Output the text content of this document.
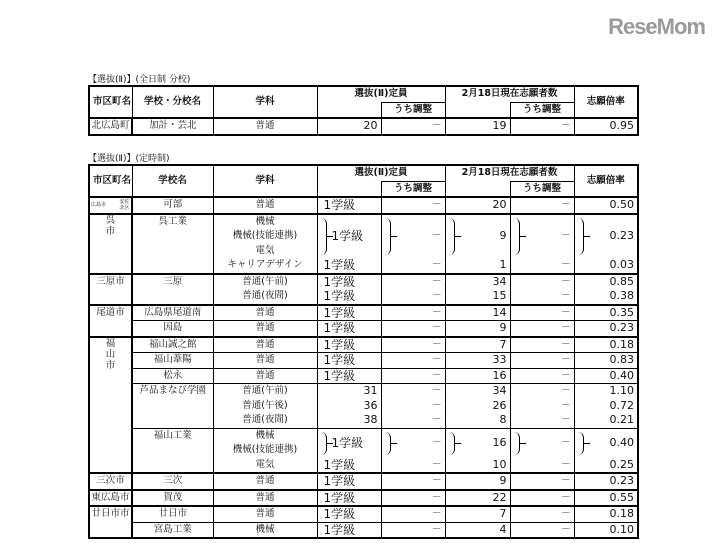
【選抜(Ⅱ)】(全日制 分校)
市区町名	学校・分校名	学科	選抜(Ⅱ)定員		2月18日現在志願者数		志願倍率
				うち調整		うち調整	
北広島町	加計・芸北	普通	20	－	19	－	0.95
【選抜(Ⅱ)】(定時制)
市区町名	学校名	学科	選抜(Ⅱ)定員		2月18日現在志願者数		志願倍率
				うち調整		うち調整	

広島市 安佐北区	可部	普通	1学級	－	20	－	0.50
呉市	呉工業	機械	1学級	－	9	－	0.23
		機械(技能連携)					
		電気					
		キャリアデザイン	1学級	－	1	－	0.03
三原市	三原	普通(午前)	1学級	－	34	－	0.85
		普通(夜間)	1学級	－	15	－	0.38
尾道市	広島県尾道南	普通	1学級	－	14	－	0.35
	因島	普通	1学級	－	9	－	0.23
福山市	福山誠之館	普通	1学級	－	7	－	0.18
	福山葦陽	普通	1学級	－	33	－	0.83
	松永	普通	1学級	－	16	－	0.40
	芦品まなび学園	普通(午前)	31	－	34	－	1.10
		普通(午後)	36	－	26	－	0.72
		普通(夜間)	38	－	8	－	0.21
	福山工業	機械	1学級	－	16	－	0.40
		機械(技能連携)					
		電気	1学級	－	10	－	0.25
三次市	三次	普通	1学級	－	9	－	0.23
東広島市	賀茂	普通	1学級	－	22	－	0.55
廿日市市	廿日市	普通	1学級	－	7	－	0.18
	宮島工業	機械	1学級	－	4	－	0.10
ReseMom
